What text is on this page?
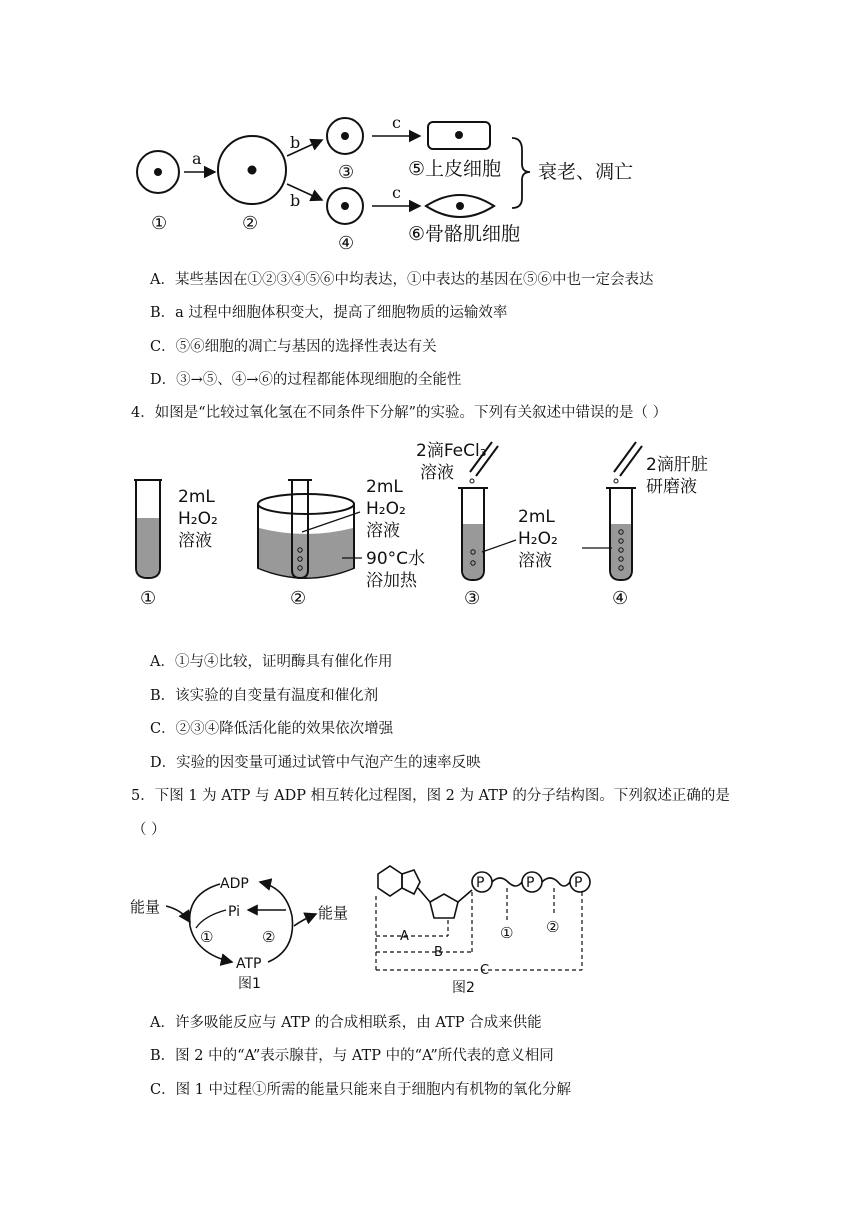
①
a
②
b
b
③
④
c
c
⑤上皮细胞
⑥骨骼肌细胞
衰老、凋亡
A．某些基因在①②③④⑤⑥中均表达，①中表达的基因在⑤⑥中也一定会表达
B．a 过程中细胞体积变大，提高了细胞物质的运输效率
C．⑤⑥细胞的凋亡与基因的选择性表达有关
D．③→⑤、④→⑥的过程都能体现细胞的全能性
4．如图是“比较过氧化氢在不同条件下分解”的实验。下列有关叙述中错误的是（ ）
2mL
H₂O₂
溶液
①
2mL
H₂O₂
溶液
90°C水
浴加热
②
2滴FeCl₃
溶液
2mL
H₂O₂
溶液
③
2滴肝脏
研磨液
④
A．①与④比较，证明酶具有催化作用
B．该实验的自变量有温度和催化剂
C．②③④降低活化能的效果依次增强
D．实验的因变量可通过试管中气泡产生的速率反映
5．下图 1 为 ATP 与 ADP 相互转化过程图，图 2 为 ATP 的分子结构图。下列叙述正确的是
（ ）
ADP
Pi
ATP
能量	能量
①	②
图1
P	P	P
A
B
C
① ②
图2
A．许多吸能反应与 ATP 的合成相联系，由 ATP 合成来供能
B．图 2 中的“A”表示腺苷，与 ATP 中的“A”所代表的意义相同
C．图 1 中过程①所需的能量只能来自于细胞内有机物的氧化分解
